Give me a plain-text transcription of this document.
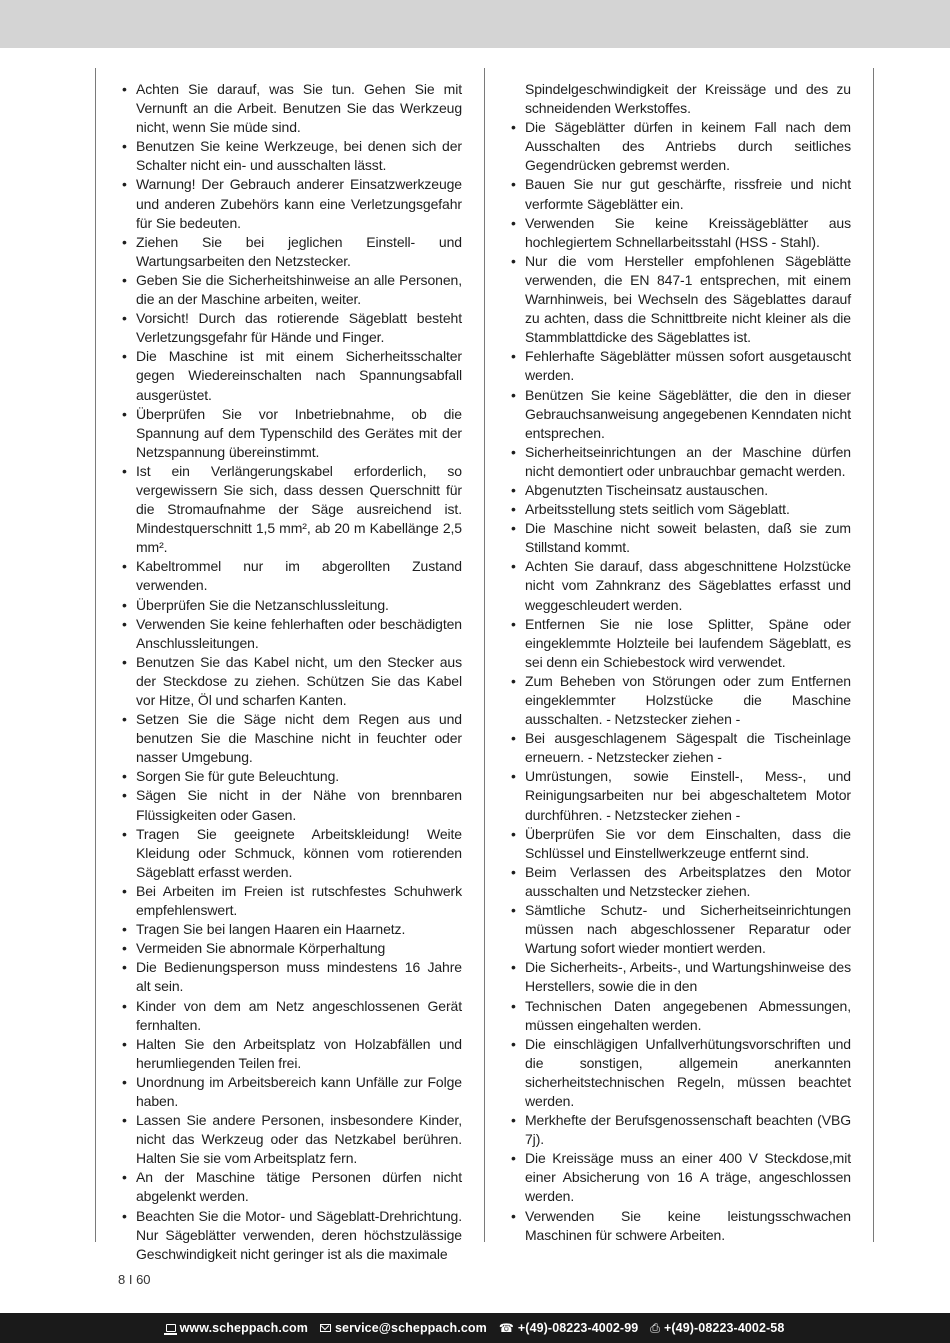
• Achten Sie darauf, was Sie tun. Gehen Sie mit Vernunft an die Arbeit. Benutzen Sie das Werkzeug nicht, wenn Sie müde sind.
• Benutzen Sie keine Werkzeuge, bei denen sich der Schalter nicht ein- und ausschalten lässt.
• Warnung! Der Gebrauch anderer Einsatzwerkzeuge und anderen Zubehörs kann eine Verletzungsgefahr für Sie bedeuten.
• Ziehen Sie bei jeglichen Einstell- und Wartungsarbeiten den Netzstecker.
• Geben Sie die Sicherheitshinweise an alle Personen, die an der Maschine arbeiten, weiter.
• Vorsicht! Durch das rotierende Sägeblatt besteht Verletzungsgefahr für Hände und Finger.
• Die Maschine ist mit einem Sicherheitsschalter gegen Wiedereinschalten nach Spannungsabfall ausgerüstet.
• Überprüfen Sie vor Inbetriebnahme, ob die Spannung auf dem Typenschild des Gerätes mit der Netzspannung übereinstimmt.
• Ist ein Verlängerungskabel erforderlich, so vergewissern Sie sich, dass dessen Querschnitt für die Stromaufnahme der Säge ausreichend ist. Mindestquerschnitt 1,5 mm², ab 20 m Kabellänge 2,5 mm².
• Kabeltrommel nur im abgerollten Zustand verwenden.
• Überprüfen Sie die Netzanschlussleitung.
• Verwenden Sie keine fehlerhaften oder beschädigten Anschlussleitungen.
• Benutzen Sie das Kabel nicht, um den Stecker aus der Steckdose zu ziehen. Schützen Sie das Kabel vor Hitze, Öl und scharfen Kanten.
• Setzen Sie die Säge nicht dem Regen aus und benutzen Sie die Maschine nicht in feuchter oder nasser Umgebung.
• Sorgen Sie für gute Beleuchtung.
• Sägen Sie nicht in der Nähe von brennbaren Flüssigkeiten oder Gasen.
• Tragen Sie geeignete Arbeitskleidung! Weite Kleidung oder Schmuck, können vom rotierenden Sägeblatt erfasst werden.
• Bei Arbeiten im Freien ist rutschfestes Schuhwerk empfehlenswert.
• Tragen Sie bei langen Haaren ein Haarnetz.
• Vermeiden Sie abnormale Körperhaltung
• Die Bedienungsperson muss mindestens 16 Jahre alt sein.
• Kinder von dem am Netz angeschlossenen Gerät fernhalten.
• Halten Sie den Arbeitsplatz von Holzabfällen und herumliegenden Teilen frei.
• Unordnung im Arbeitsbereich kann Unfälle zur Folge haben.
• Lassen Sie andere Personen, insbesondere Kinder, nicht das Werkzeug oder das Netzkabel berühren. Halten Sie sie vom Arbeitsplatz fern.
• An der Maschine tätige Personen dürfen nicht abgelenkt werden.
• Beachten Sie die Motor- und Sägeblatt-Drehrichtung. Nur Sägeblätter verwenden, deren höchstzulässige Geschwindigkeit nicht geringer ist als die maximale
Spindelgeschwindigkeit der Kreissäge und des zu schneidenden Werkstoffes.
• Die Sägeblätter dürfen in keinem Fall nach dem Ausschalten des Antriebs durch seitliches Gegendrücken gebremst werden.
• Bauen Sie nur gut geschärfte, rissfreie und nicht verformte Sägeblätter ein.
• Verwenden Sie keine Kreissägeblätter aus hochlegiertem Schnellarbeitsstahl (HSS - Stahl).
• Nur die vom Hersteller empfohlenen Sägeblätte verwenden, die EN 847-1 entsprechen, mit einem Warnhinweis, bei Wechseln des Sägeblattes darauf zu achten, dass die Schnittbreite nicht kleiner als die Stammblattdicke des Sägeblattes ist.
• Fehlerhafte Sägeblätter müssen sofort ausgetauscht werden.
• Benützen Sie keine Sägeblätter, die den in dieser Gebrauchsanweisung angegebenen Kenndaten nicht entsprechen.
• Sicherheitseinrichtungen an der Maschine dürfen nicht demontiert oder unbrauchbar gemacht werden.
• Abgenutzten Tischeinsatz austauschen.
• Arbeitsstellung stets seitlich vom Sägeblatt.
• Die Maschine nicht soweit belasten, daß sie zum Stillstand kommt.
• Achten Sie darauf, dass abgeschnittene Holzstücke nicht vom Zahnkranz des Sägeblattes erfasst und weggeschleudert werden.
• Entfernen Sie nie lose Splitter, Späne oder eingeklemmte Holzteile bei laufendem Sägeblatt, es sei denn ein Schiebestock wird verwendet.
• Zum Beheben von Störungen oder zum Entfernen eingeklemmter Holzstücke die Maschine ausschalten. - Netzstecker ziehen -
• Bei ausgeschlagenem Sägespalt die Tischeinlage erneuern. - Netzstecker ziehen -
• Umrüstungen, sowie Einstell-, Mess-, und Reinigungsarbeiten nur bei abgeschaltetem Motor durchführen. - Netzstecker ziehen -
• Überprüfen Sie vor dem Einschalten, dass die Schlüssel und Einstellwerkzeuge entfernt sind.
• Beim Verlassen des Arbeitsplatzes den Motor ausschalten und Netzstecker ziehen.
• Sämtliche Schutz- und Sicherheitseinrichtungen müssen nach abgeschlossener Reparatur oder Wartung sofort wieder montiert werden.
• Die Sicherheits-, Arbeits-, und Wartungshinweise des Herstellers, sowie die in den
• Technischen Daten angegebenen Abmessungen, müssen eingehalten werden.
• Die einschlägigen Unfallverhütungsvorschriften und die sonstigen, allgemein anerkannten sicherheitstechnischen Regeln, müssen beachtet werden.
• Merkhefte der Berufsgenossenschaft beachten (VBG 7j).
• Die Kreissäge muss an einer 400 V Steckdose,mit einer Absicherung von 16 A träge, angeschlossen werden.
• Verwenden Sie keine leistungsschwachen Maschinen für schwere Arbeiten.
8 I 60
www.scheppach.com service@scheppach.com ☎ +(49)-08223-4002-99 ⎙ +(49)-08223-4002-58
